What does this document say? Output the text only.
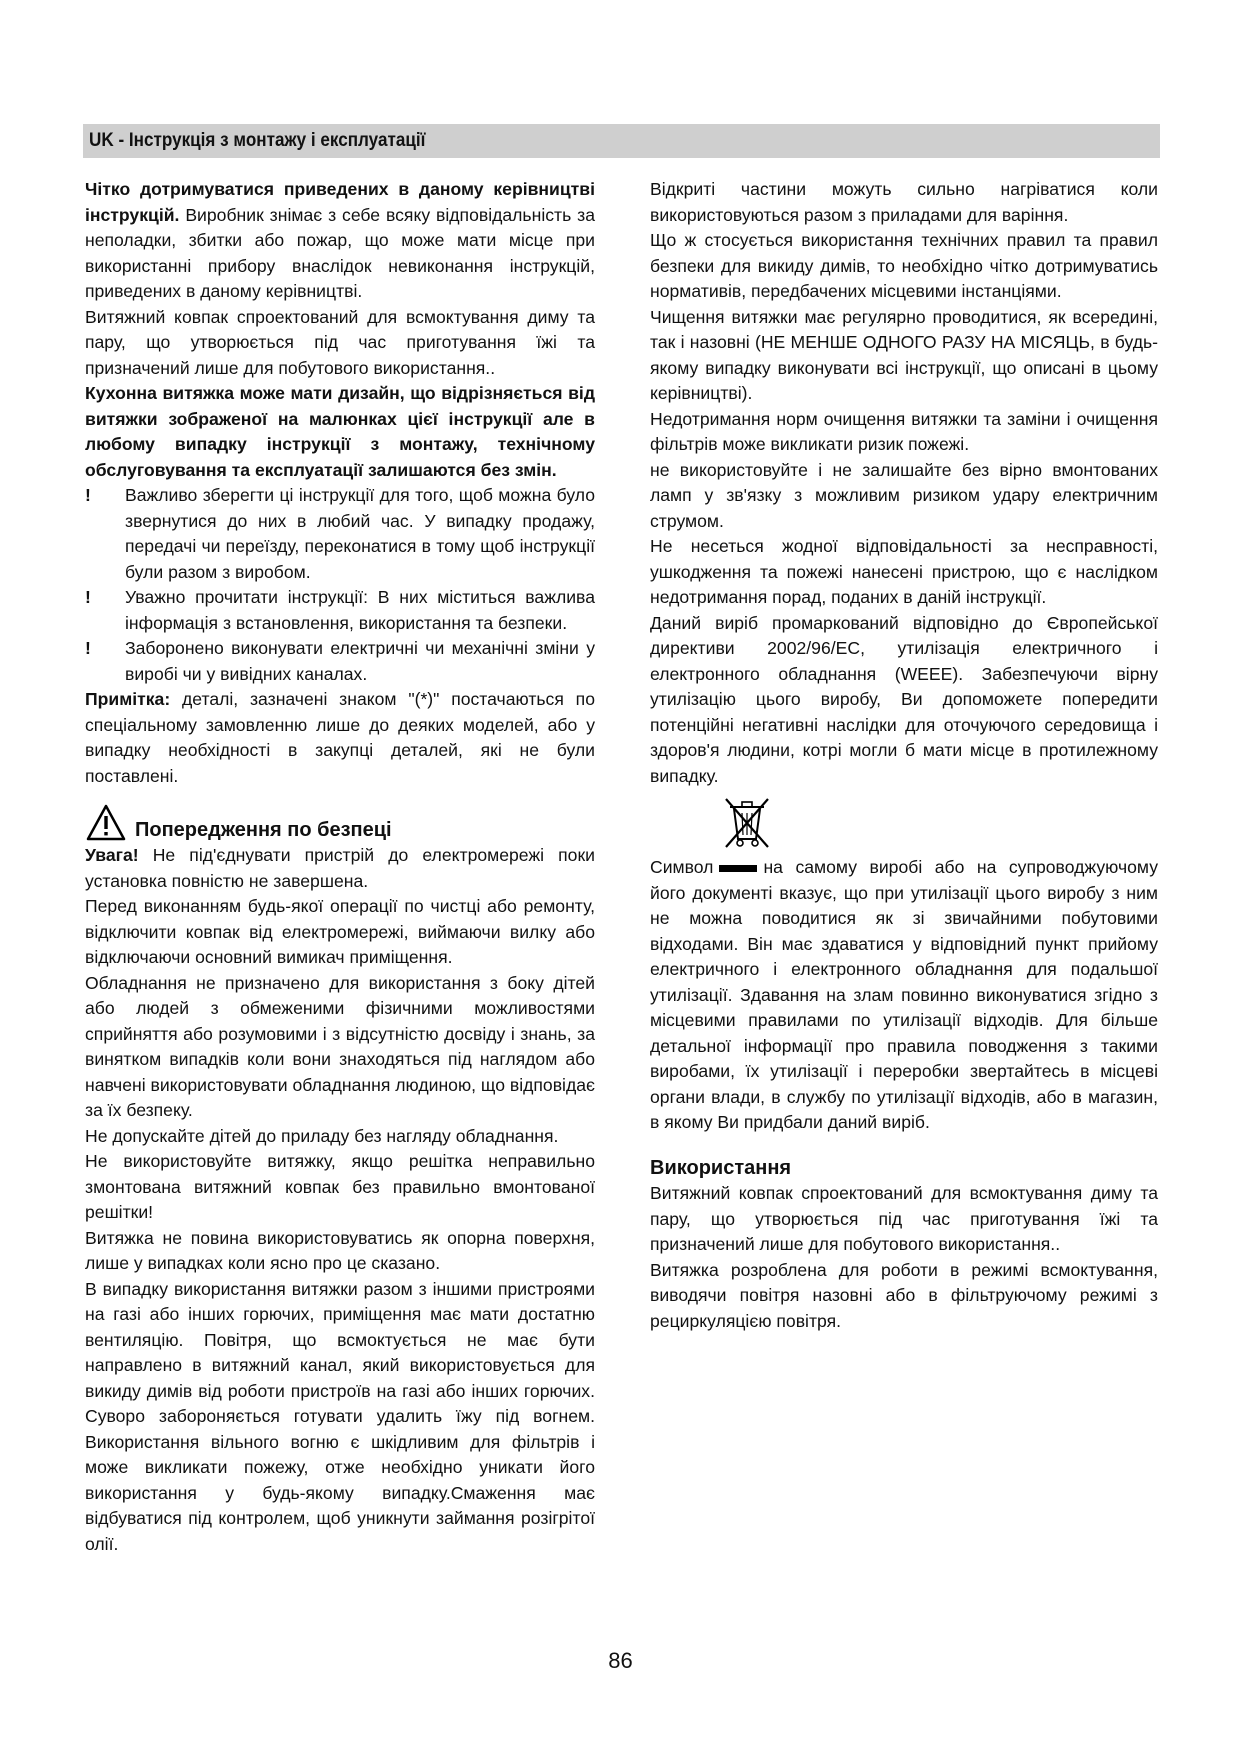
UK - Інструкція з монтажу і експлуатації

Чітко дотримуватися приведених в даному керівництві інструкцій. Виробник знімає з себе всяку відповідальність за неполадки, збитки або пожар, що може мати місце при використанні прибору внаслідок невиконання інструкцій, приведених в даному керівництві.

Витяжний ковпак спроектований для всмоктування диму та пару, що утворюється під час приготування їжі та призначений лише для побутового використання..

Кухонна витяжка може мати дизайн, що відрізняється від витяжки зображеної на малюнках цієї інструкції але в любому випадку інструкції з монтажу, технічному обслуговування та експлуатації залишаются без змін.

!	Важливо зберегти ці інструкції для того, щоб можна було звернутися до них в любий час. У випадку продажу, передачі чи переїзду, переконатися в тому щоб інструкції були разом з виробом.
!	Уважно прочитати інструкції: В них міститься важлива інформація з встановлення, використання та безпеки.
!	Заборонено виконувати електричні чи механічні зміни у виробі чи у вивідних каналах.

Примітка: деталі, зазначені знаком "(*)" постачаються по спеціальному замовленню лише до деяких моделей, або у випадку необхідності в закупці деталей, які не були поставлені.

Попередження по безпеці

Увага! Не під'єднувати пристрій до електромережі поки установка повністю не завершена.

Перед виконанням будь-якої операції по чистці або ремонту, відключити ковпак від електромережі, виймаючи вилку або відключаючи основний вимикач приміщення.

Обладнання не призначено для використання з боку дітей або людей з обмеженими фізичними можливостями сприйняття або розумовими і з відсутністю досвіду і знань, за винятком випадків коли вони знаходяться під наглядом або навчені використовувати обладнання людиною, що відповідає за їх безпеку.

Не допускайте дітей до приладу без нагляду обладнання.

Не використовуйте витяжку, якщо решітка неправильно змонтована витяжний ковпак без правильно вмонтованої решітки!

Витяжка не повина використовуватись як опорна поверхня, лише у випадках коли ясно про це сказано.

В випадку використання витяжки разом з іншими пристроями на газі або інших горючих, приміщення має мати достатню вентиляцію. Повітря, що всмоктується не має бути направлено в витяжний канал, який використовується для викиду димів від роботи пристроїв на газі або інших горючих. Суворо забороняється готувати удалить їжу під вогнем. Використання вільного вогню є шкідливим для фільтрів і може викликати пожежу, отже необхідно уникати його використання у будь-якому випадку.Смаження має відбуватися під контролем, щоб уникнути займання розігрітої олії.

Відкриті частини можуть сильно нагріватися коли використовуються разом з приладами для варіння.

Що ж стосується використання технічних правил та правил безпеки для викиду димів, то необхідно чітко дотримуватись нормативів, передбачених місцевими інстанціями.

Чищення витяжки має регулярно проводитися, як всередині, так і назовні (НЕ МЕНШЕ ОДНОГО РАЗУ НА МІСЯЦЬ, в будь-якому випадку виконувати всі інструкції, що описані в цьому керівництві).

Недотримання норм очищення витяжки та заміни і очищення фільтрів може викликати ризик пожежі.

не використовуйте і не залишайте без вірно вмонтованих ламп у зв'язку з можливим ризиком удару електричним струмом.

Не несеться жодної відповідальності за несправності, ушкодження та пожежі нанесені пристрою, що є наслідком недотримання порад, поданих в даній інструкції.

Даний виріб промаркований відповідно до Європейської директиви 2002/96/EC, утилізація електричного і електронного обладнання (WEEE). Забезпечуючи вірну утилізацію цього виробу, Ви допоможете попередити потенційні негативні наслідки для оточуючого середовища і здоров'я людини, котрі могли б мати місце в протилежному випадку.

Символ	на самому виробі або на супроводжуючому його документі вказує, що при утилізації цього виробу з ним не можна поводитися як зі звичайними побутовими відходами. Він має здаватися у відповідний пункт прийому електричного і електронного обладнання для подальшої утилізації. Здавання на злам повинно виконуватися згідно з місцевими правилами по утилізації відходів. Для більше детальної інформації про правила поводження з такими виробами, їх утилізації і переробки звертайтесь в місцеві органи влади, в службу по утилізації відходів, або в магазин, в якому Ви придбали даний виріб.

Використання

Витяжний ковпак спроектований для всмоктування диму та пару, що утворюється під час приготування їжі та призначений лише для побутового використання..

Витяжка розроблена для роботи в режимі всмоктування, виводячи повітря назовні або в фільтруючому режимі з рециркуляцією повітря.

86
